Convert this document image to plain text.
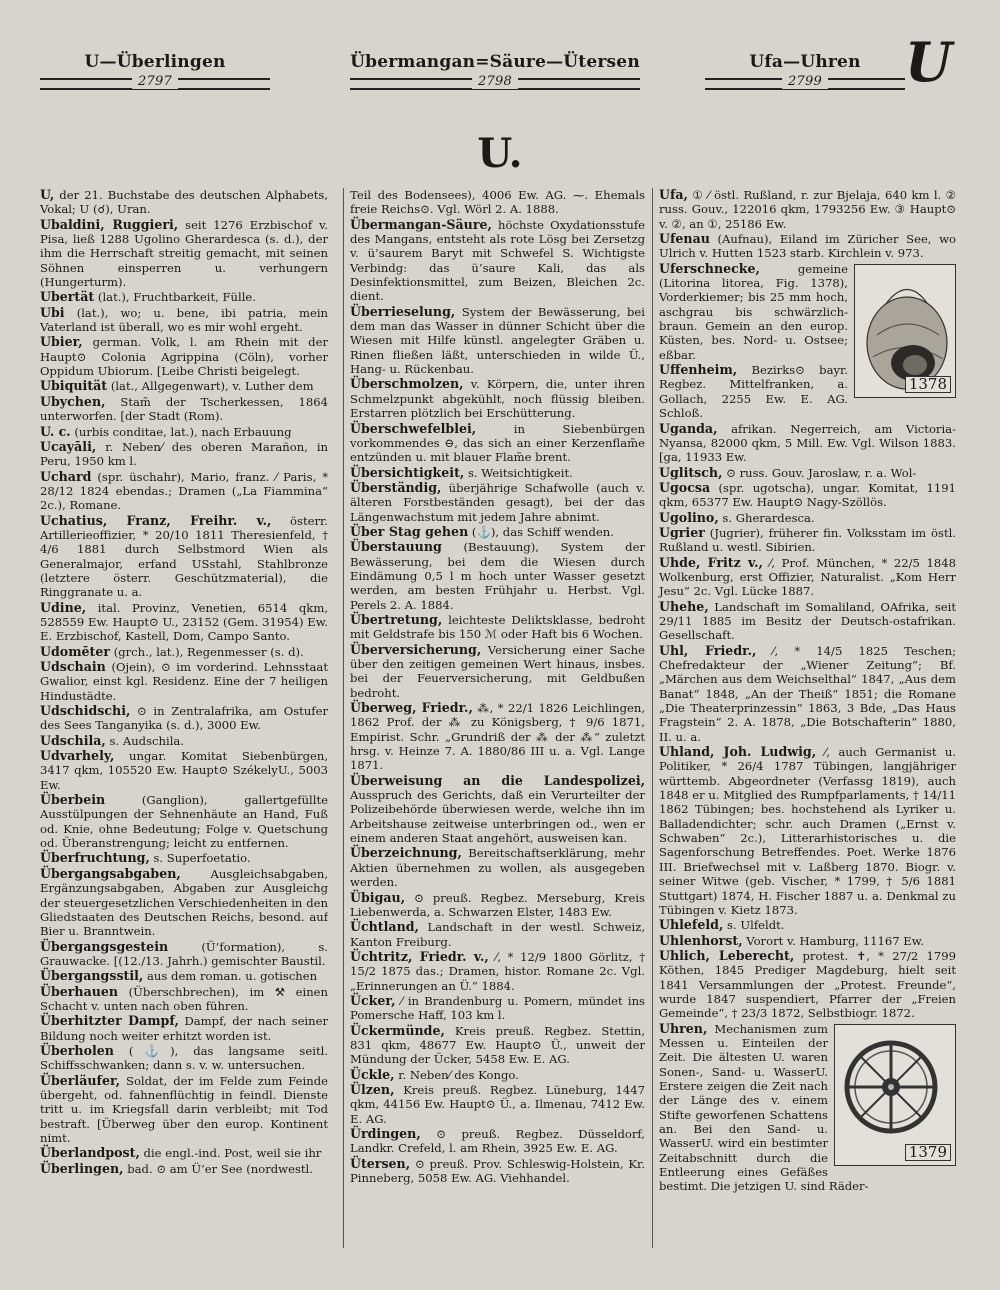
U—Überlingen
2797
Übermangan=Säure—Ütersen
2798
Ufa—Uhren
2799 U
U.
U, der 21. Buchstabe des deutschen Alphabets, Vokal; U (☌), Uran.
Ubaldini, Ruggieri, seit 1276 Erzbischof v. Pisa, ließ 1288 Ugolino Gherardesca (s. d.), der ihm die Herrschaft streitig gemacht, mit seinen Söhnen einsperren u. verhungern (Hungerturm).
Ubertät (lat.), Fruchtbarkeit, Fülle.
Ubi (lat.), wo; u. bene, ibi patria, mein Vaterland ist überall, wo es mir wohl ergeht.
Ubier, german. Volk, l. am Rhein mit der Haupt⊙ Colonia Agrippina (Cöln), vorher Oppidum Ubiorum. [Leibe Christi beigelegt.
Ubiquität (lat., Allgegenwart), v. Luther dem
Ubychen, Stam̃ der Tscherkessen, 1864 unterworfen. [der Stadt (Rom).
U. c. (urbis conditae, lat.), nach Erbauung
Ucayāli, r. Neben⁄ des oberen Marañon, in Peru, 1950 km l.
Uchard (spr. üschahr), Mario, franz. ⁄ Paris, * 28/12 1824 ebendas.; Dramen („La Fiammina“ 2c.), Romane.
Uchatius, Franz, Freihr. v., österr. Artillerieoffizier, * 20/10 1811 Theresienfeld, † 4/6 1881 durch Selbstmord Wien als Generalmajor, erfand USstahl, Stahlbronze (letztere österr. Geschützmaterial), die Ringgranate u. a.
Udine, ital. Provinz, Venetien, 6514 qkm, 528559 Ew. Haupt⊙ U., 23152 (Gem. 31954) Ew. E. Erzbischof, Kastell, Dom, Campo Santo.
Udomēter (grch., lat.), Regenmesser (s. d).
Udschain (Ojein), ⊙ im vorderind. Lehnsstaat Gwalior, einst kgl. Residenz. Eine der 7 heiligen Hindustädte.
Udschidschi, ⊙ in Zentralafrika, am Ostufer des Sees Tanganyika (s. d.), 3000 Ew.
Udschila, s. Audschila.
Udvarhely, ungar. Komitat Siebenbürgen, 3417 qkm, 105520 Ew. Haupt⊙ SzékelyU., 5003 Ew.
Überbein	(Ganglion), gallertgefüllte Ausstülpungen der Sehnenhäute an Hand, Fuß od. Knie, ohne Bedeutung; Folge v. Quetschung od. Überanstrengung; leicht zu entfernen.
Überfruchtung, s. Superfoetatio.
Übergangsabgaben,	Ausgleichsabgaben, Ergänzungsabgaben, Abgaben zur Ausgleichg der steuergesetzlichen Verschiedenheiten in den Gliedstaaten des Deutschen Reichs, besond. auf Bier u. Branntwein.
Übergangsgestein	(Ü’formation), s. Grauwacke. [(12./13. Jahrh.) gemischter Baustil.
Übergangsstil, aus dem roman. u. gotischen
Überhauen (Überschbrechen), im ⚒ einen Schacht v. unten nach oben führen.
Überhitzter Dampf, Dampf, der nach seiner Bildung noch weiter erhitzt worden ist.
Überholen (⚓), das langsame seitl. Schiffsschwanken; dann s. v. w. untersuchen.
Überläufer, Soldat, der im Felde zum Feinde übergeht, od. fahnenflüchtig in feindl. Dienste tritt u. im Kriegsfall darin verbleibt; mit Tod bestraft. [Überweg über den europ. Kontinent nimt.
Überlandpost, die engl.-ind. Post, weil sie ihr
Überlingen, bad. ⊙ am Ü’er See (nordwestl.
Teil des Bodensees), 4006 Ew. AG. ⁓. Ehemals freie Reichs⊙. Vgl. Wörl 2. A. 1888.
Übermangan-Säure, höchste Oxydationsstufe des Mangans, entsteht als rote Lösg bei Zersetzg v. ü’saurem Baryt mit Schwefel S. Wichtigste Verbindg: das ü’saure Kali, das als Desinfektionsmittel, zum Beizen, Bleichen 2c. dient.
Überrieselung, System der Bewässerung, bei dem man das Wasser in dünner Schicht über die Wiesen mit Hilfe künstl. angelegter Gräben u. Rinen fließen läßt, unterschieden in wilde Ü., Hang- u. Rückenbau.
Überschmolzen, v. Körpern, die, unter ihren Schmelzpunkt abgekühlt, noch flüssig bleiben. Erstarren plötzlich bei Erschütterung.
Überschwefelblei,	in Siebenbürgen vorkommendes ⊖, das sich an einer Kerzenflam̃e entzünden u. mit blauer Flam̃e brent.
Übersichtigkeit, s. Weitsichtigkeit.
Überständig, überjährige Schafwolle (auch v. älteren Forstbeständen gesagt), bei der das Längenwachstum mit jedem Jahre abnimt.
Über Stag gehen (⚓), das Schiff wenden.
Überstauung (Bestauung), System der Bewässerung, bei dem die Wiesen durch Eindämung 0,5 l m hoch unter Wasser gesetzt werden, am besten Frühjahr u. Herbst. Vgl. Perels 2. A. 1884.
Übertretung, leichteste Deliktsklasse, bedroht mit Geldstrafe bis 150 ℳ oder Haft bis 6 Wochen.
Überversicherung, Versicherung einer Sache über den zeitigen gemeinen Wert hinaus, insbes. bei der Feuerversicherung, mit Geldbußen bedroht.
Überweg, Friedr., ⁂, * 22/1 1826 Leichlingen, 1862 Prof. der ⁂ zu Königsberg, † 9/6 1871, Empirist. Schr. „Grundriß der ⁂ der ⁂“ zuletzt hrsg. v. Heinze 7. A. 1880/86 III u. a. Vgl. Lange 1871.
Überweisung an die Landespolizei, Ausspruch des Gerichts, daß ein Verurteilter der Polizeibehörde überwiesen werde, welche ihn im Arbeitshause zeitweise unterbringen od., wen er einem anderen Staat angehört, ausweisen kan.
Überzeichnung, Bereitschaftserklärung, mehr Aktien übernehmen zu wollen, als ausgegeben werden.
Übigau, ⊙ preuß. Regbez. Merseburg, Kreis Liebenwerda, a. Schwarzen Elster, 1483 Ew.
Üchtland, Landschaft in der westl. Schweiz, Kanton Freiburg.
Üchtritz, Friedr. v., ⁄, * 12/9 1800 Görlitz, † 15/2 1875 das.; Dramen, histor. Romane 2c. Vgl. „Erinnerungen an Ü.“ 1884.
Ücker, ⁄ in Brandenburg u. Pomern, mündet ins Pomersche Haff, 103 km l.
Ückermünde, Kreis preuß. Regbez. Stettin, 831 qkm, 48677 Ew. Haupt⊙ Ü., unweit der Mündung der Ücker, 5458 Ew. E. AG.
Ückle, r. Neben⁄ des Kongo.
Ülzen, Kreis preuß. Regbez. Lüneburg, 1447 qkm, 44156 Ew. Haupt⊙ Ü., a. Ilmenau, 7412 Ew. E. AG.
Ürdingen, ⊙ preuß. Regbez. Düsseldorf, Landkr. Crefeld, l. am Rhein, 3925 Ew. E. AG.
Ütersen, ⊙ preuß. Prov. Schleswig-Holstein, Kr. Pinneberg, 5058 Ew. AG. Viehhandel.
Ufa, ① ⁄ östl. Rußland, r. zur Bjelaja, 640 km l. ② russ. Gouv., 122016 qkm, 1793256 Ew. ③ Haupt⊙ v. ②, an ①, 25186 Ew.
Ufenau (Aufnau), Eiland im Züricher See, wo Ulrich v. Hutten 1523 starb. Kirchlein v. 973.
1378
Uferschnecke,	gemeine (Litorina litorea, Fig. 1378), Vorderkiemer; bis 25 mm hoch, aschgrau bis schwärzlich-braun. Gemein an den europ. Küsten, bes. Nord- u. Ostsee; eßbar.
Uffenheim, Bezirks⊙ bayr. Regbez. Mittelfranken, a. Gollach, 2255 Ew. E. AG. Schloß.
Uganda, afrikan. Negerreich, am Victoria-Nyansa, 82000 qkm, 5 Mill. Ew. Vgl. Wilson 1883. [ga, 11933 Ew.
Uglitsch, ⊙ russ. Gouv. Jaroslaw, r. a. Wol-
Ugocsa (spr. ugotscha), ungar. Komitat, 1191 qkm, 65377 Ew. Haupt⊙ Nagy-Szöllös.
Ugolino, s. Gherardesca.
Ugrier (Jugrier), früherer fin. Volksstam im östl. Rußland u. westl. Sibirien.
Uhde, Fritz v., ⁄, Prof. München, * 22/5 1848 Wolkenburg, erst Offizier, Naturalist. „Kom Herr Jesu“ 2c. Vgl. Lücke 1887.
Uhehe, Landschaft im Somaliland, OAfrika, seit 29/11 1885 im Besitz der Deutsch-ostafrikan. Gesellschaft.
Uhl, Friedr., ⁄, * 14/5 1825 Teschen; Chefredakteur der „Wiener Zeitung“; Bf. „Märchen aus dem Weichselthal“ 1847, „Aus dem Banat“ 1848, „An der Theiß“ 1851; die Romane „Die Theaterprinzessin“ 1863, 3 Bde, „Das Haus Fragstein“ 2. A. 1878, „Die Botschafterin“ 1880, II. u. a.
Uhland, Joh. Ludwig, ⁄, auch Germanist u. Politiker, * 26/4 1787 Tübingen, langjähriger württemb. Abgeordneter (Verfassg 1819), auch 1848 er u. Mitglied des Rumpfparlaments, † 14/11 1862 Tübingen; bes. hochstehend als Lyriker u. Balladendichter; schr. auch Dramen („Ernst v. Schwaben“ 2c.), Litterarhistorisches u. die Sagenforschung Betreffendes. Poet. Werke 1876 III. Briefwechsel mit v. Laßberg 1870. Biogr. v. seiner Witwe (geb. Vischer, * 1799, † 5/6 1881 Stuttgart) 1874, H. Fischer 1887 u. a. Denkmal zu Tübingen v. Kietz 1873.
Uhlefeld, s. Ulfeldt.
Uhlenhorst, Vorort v. Hamburg, 11167 Ew.
Uhlich, Leberecht, protest. ✝, * 27/2 1799 Köthen, 1845 Prediger Magdeburg, hielt seit 1841 Versammlungen der „Protest. Freunde“, wurde 1847 suspendiert, Pfarrer der „Freien Gemeinde“, † 23/3 1872, Selbstbiogr. 1872.
1379
Uhren, Mechanismen zum Messen u. Einteilen der Zeit. Die ältesten U. waren Sonen-, Sand- u. WasserU. Erstere zeigen die Zeit nach der Länge des v. einem Stifte geworfenen Schattens an. Bei den Sand- u. WasserU. wird ein bestimter Zeitabschnitt durch die Entleerung eines Gefäßes bestimt. Die jetzigen U. sind Räder-
